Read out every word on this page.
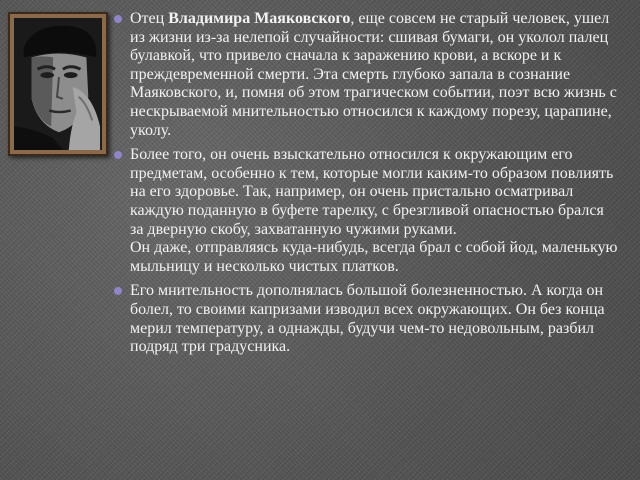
Отец Владимира Маяковского, еще совсем не старый человек, ушел из жизни из-за нелепой случайности: сшивая бумаги, он уколол палец булавкой, что привело сначала к заражению крови, а вскоре и к преждевременной смерти. Эта смерть глубоко запала в сознание Маяковского, и, помня об этом трагическом событии, поэт всю жизнь с нескрываемой мнительностью относился к каждому порезу, царапине, уколу.
Более того, он очень взыскательно относился к окружающим его предметам, особенно к тем, которые могли каким-то образом повлиять на его здоровье. Так, например, он очень пристально осматривал каждую поданную в буфете тарелку, с брезгливой опасностью брался за дверную скобу, захватанную чужими руками.
Он даже, отправляясь куда-нибудь, всегда брал с собой йод, маленькую мыльницу и несколько чистых платков.
Его мнительность дополнялась большой болезненностью. А когда он болел, то своими капризами изводил всех окружающих. Он без конца мерил температуру, а однажды, будучи чем-то недовольным, разбил подряд три градусника.
